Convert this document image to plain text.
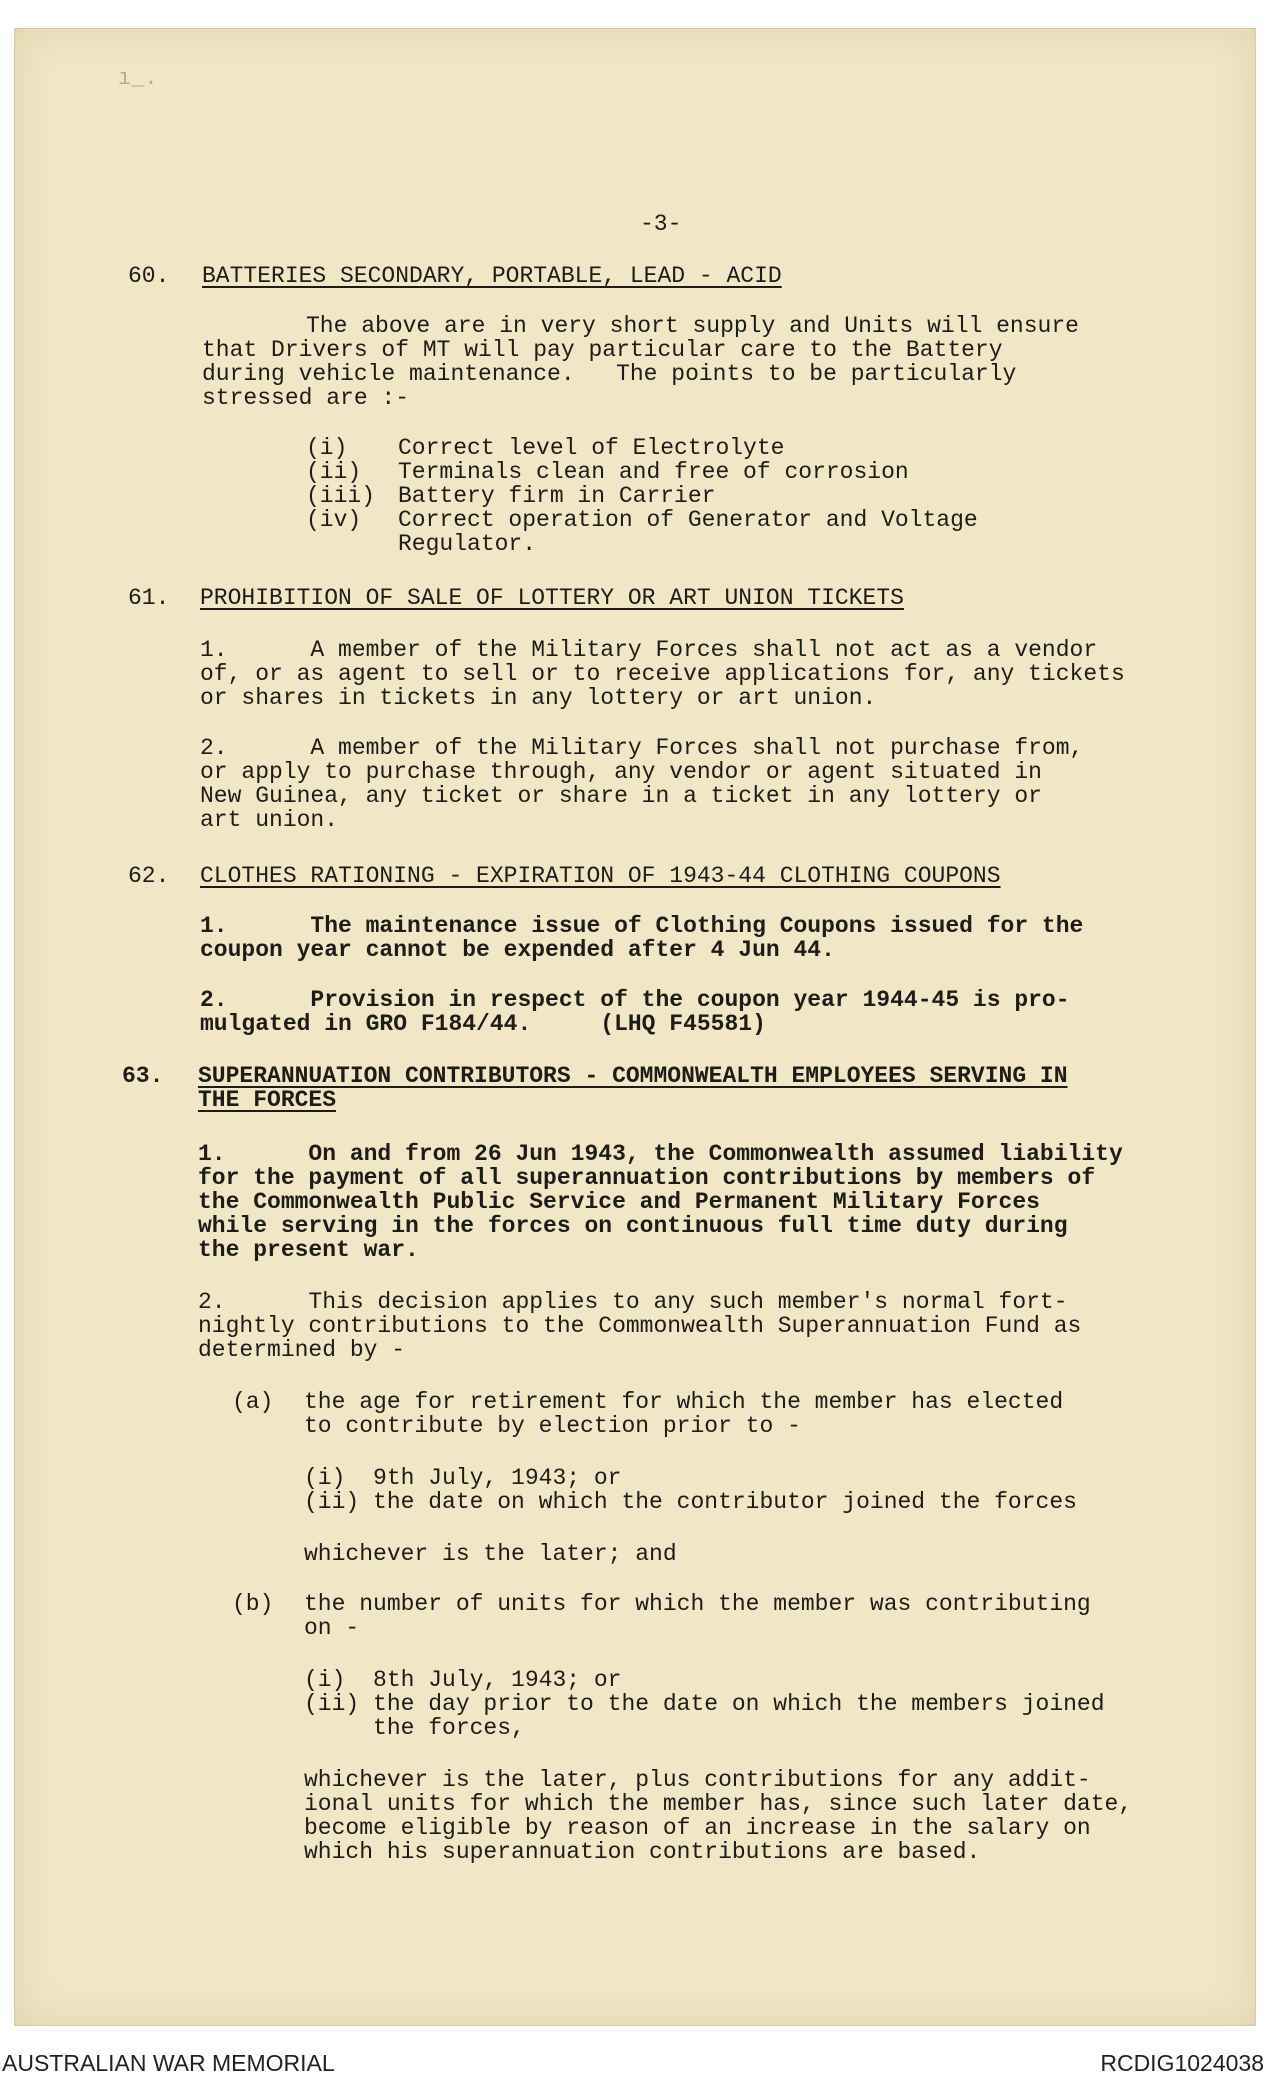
ı_.
-3-
60. BATTERIES SECONDARY, PORTABLE, LEAD - ACID
The above are in very short supply and Units will ensure
that Drivers of MT will pay particular care to the Battery
during vehicle maintenance.   The points to be particularly
stressed are :-
(i) Correct level of Electrolyte
(ii) Terminals clean and free of corrosion
(iii) Battery firm in Carrier
(iv) Correct operation of Generator and Voltage
Regulator.
61. PROHIBITION OF SALE OF LOTTERY OR ART UNION TICKETS
1.      A member of the Military Forces shall not act as a vendor
of, or as agent to sell or to receive applications for, any tickets
or shares in tickets in any lottery or art union.
2.      A member of the Military Forces shall not purchase from,
or apply to purchase through, any vendor or agent situated in
New Guinea, any ticket or share in a ticket in any lottery or
art union.
62. CLOTHES RATIONING - EXPIRATION OF 1943-44 CLOTHING COUPONS
1.      The maintenance issue of Clothing Coupons issued for the
coupon year cannot be expended after 4 Jun 44.
2.      Provision in respect of the coupon year 1944-45 is pro-
mulgated in GRO F184/44.     (LHQ F45581)
63. SUPERANNUATION CONTRIBUTORS - COMMONWEALTH EMPLOYEES SERVING IN
THE FORCES
1.      On and from 26 Jun 1943, the Commonwealth assumed liability
for the payment of all superannuation contributions by members of
the Commonwealth Public Service and Permanent Military Forces
while serving in the forces on continuous full time duty during
the present war.
2.      This decision applies to any such member's normal fort-
nightly contributions to the Commonwealth Superannuation Fund as
determined by -
(a) the age for retirement for which the member has elected
to contribute by election prior to -
(i)  9th July, 1943; or
(ii) the date on which the contributor joined the forces
whichever is the later; and
(b) the number of units for which the member was contributing
on -
(i)  8th July, 1943; or
(ii) the day prior to the date on which the members joined
the forces,
whichever is the later, plus contributions for any addit-
ional units for which the member has, since such later date,
become eligible by reason of an increase in the salary on
which his superannuation contributions are based.
AUSTRALIAN WAR MEMORIAL	RCDIG1024038
